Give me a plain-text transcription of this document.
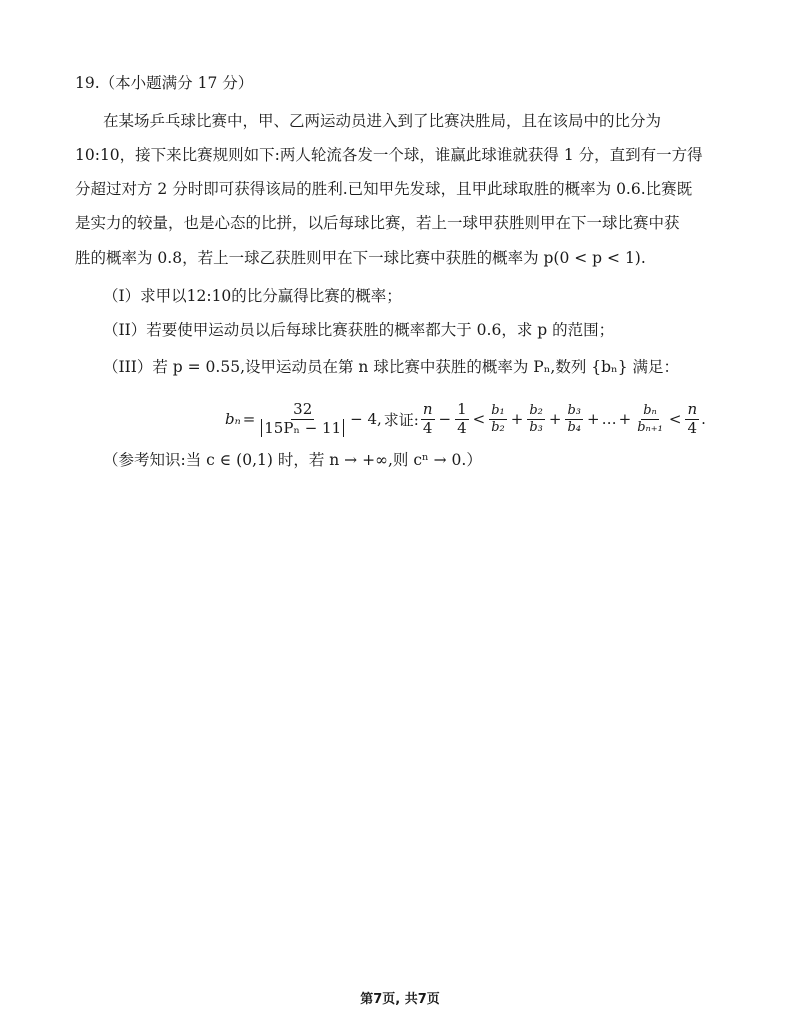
19.（本小题满分 17 分）
在某场乒乓球比赛中，甲、乙两运动员进入到了比赛决胜局，且在该局中的比分为
10:10，接下来比赛规则如下:两人轮流各发一个球，谁赢此球谁就获得 1 分，直到有一方得
分超过对方 2 分时即可获得该局的胜利.已知甲先发球，且甲此球取胜的概率为 0.6.比赛既
是实力的较量，也是心态的比拼，以后每球比赛，若上一球甲获胜则甲在下一球比赛中获
胜的概率为 0.8，若上一球乙获胜则甲在下一球比赛中获胜的概率为 p(0 < p < 1).
（I）求甲以12:10的比分赢得比赛的概率；
（II）若要使甲运动员以后每球比赛获胜的概率都大于 0.6，求 p 的范围；
（III）若 p = 0.55,设甲运动员在第 n 球比赛中获胜的概率为 Pₙ,数列 {bₙ} 满足：
$b_n = \frac{32}{\text{15Pₙ − 11}} - 4$, 求证: $\frac{n}{4} - \frac{1}{4} < \frac{\text{b₁}}{\text{b₂}} + \frac{\text{b₂}}{\text{b₃}} + \frac{\text{b₃}}{\text{b₄}}$ + … + $\frac{\text{bₙ}}{\text{bₙ₊₁}} < \frac{n}{4}$ .
（参考知识:当 c ∈ (0,1) 时，若 n → +∞,则 cⁿ → 0.）
第7页, 共7页
